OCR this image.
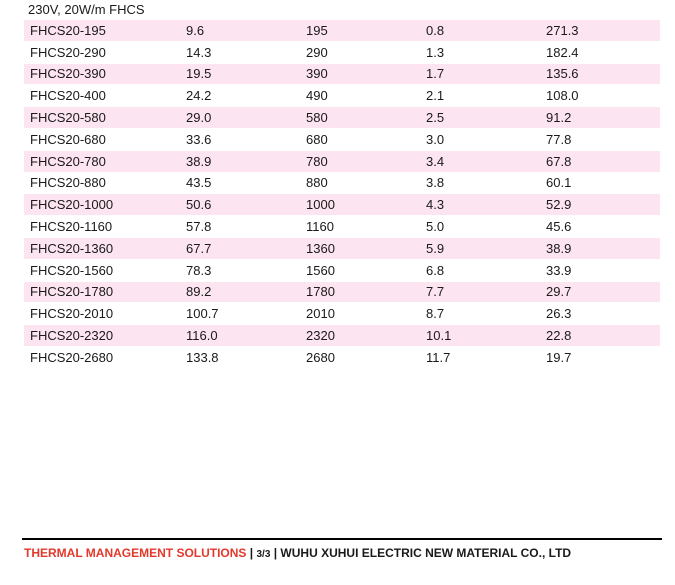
230V, 20W/m FHCS
FHCS20-195	9.6	195	0.8	271.3
FHCS20-290	14.3	290	1.3	182.4
FHCS20-390	19.5	390	1.7	135.6
FHCS20-400	24.2	490	2.1	108.0
FHCS20-580	29.0	580	2.5	91.2
FHCS20-680	33.6	680	3.0	77.8
FHCS20-780	38.9	780	3.4	67.8
FHCS20-880	43.5	880	3.8	60.1
FHCS20-1000	50.6	1000	4.3	52.9
FHCS20-1160	57.8	1160	5.0	45.6
FHCS20-1360	67.7	1360	5.9	38.9
FHCS20-1560	78.3	1560	6.8	33.9
FHCS20-1780	89.2	1780	7.7	29.7
FHCS20-2010	100.7	2010	8.7	26.3
FHCS20-2320	116.0	2320	10.1	22.8
FHCS20-2680	133.8	2680	11.7	19.7
THERMAL MANAGEMENT SOLUTIONS | 3/3 | WUHU XUHUI ELECTRIC NEW MATERIAL CO., LTD
